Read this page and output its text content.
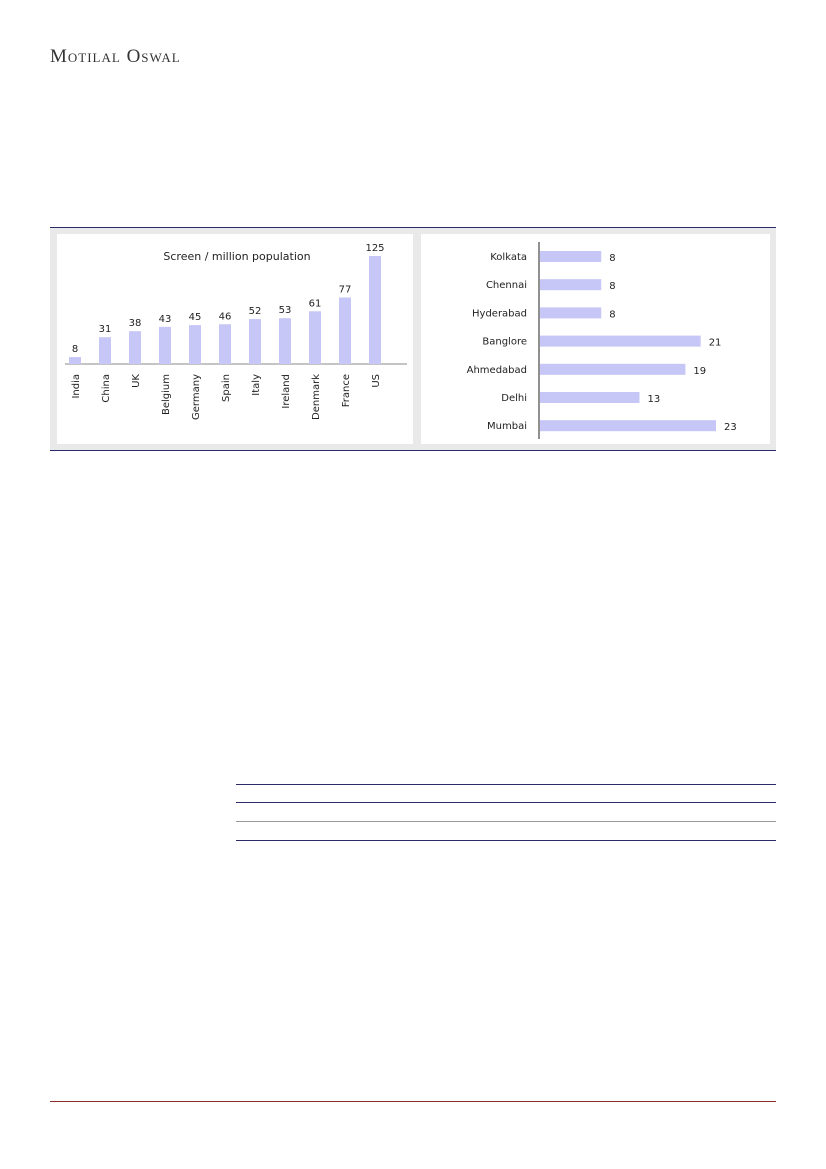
Motilal Oswal
Screen / million population
8
India
31
China
38
UK
43
Belgium
45
Germany
46
Spain
52
Italy
53
Ireland
61
Denmark
77
France
125
US
Kolkata	8
Chennai	8
Hyderabad	8
Banglore	21
Ahmedabad	19
Delhi	13
Mumbai	23
